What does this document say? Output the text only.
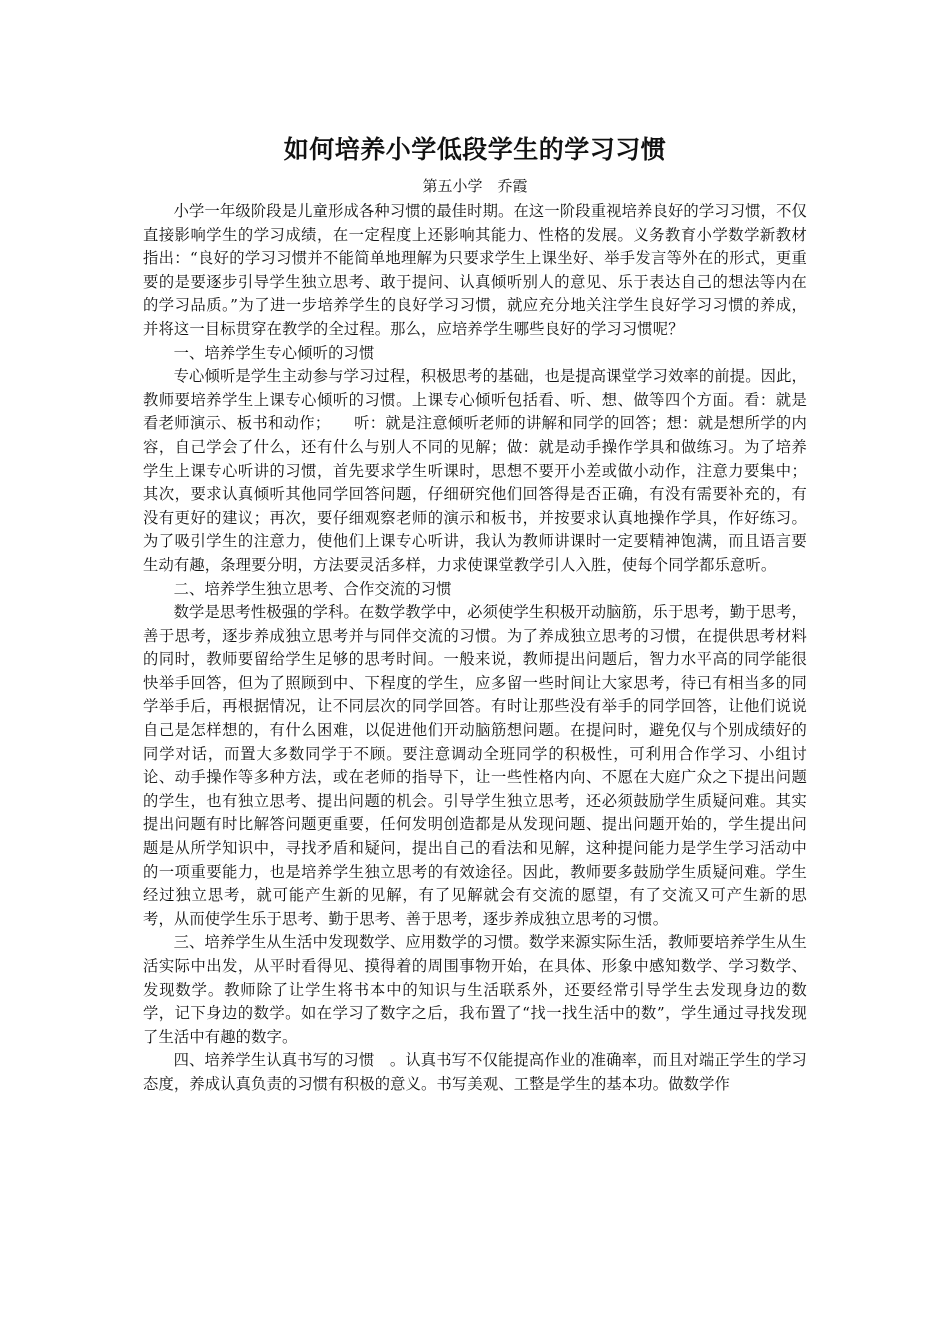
如何培养小学低段学生的学习习惯

第五小学　乔霞

小学一年级阶段是儿童形成各种习惯的最佳时期。在这一阶段重视培养良好的学习习惯，不仅直接影响学生的学习成绩，在一定程度上还影响其能力、性格的发展。义务教育小学数学新教材指出：“良好的学习习惯并不能简单地理解为只要求学生上课坐好、举手发言等外在的形式，更重要的是要逐步引导学生独立思考、敢于提问、认真倾听别人的意见、乐于表达自己的想法等内在的学习品质。”为了进一步培养学生的良好学习习惯，就应充分地关注学生良好学习习惯的养成，并将这一目标贯穿在教学的全过程。那么，应培养学生哪些良好的学习习惯呢？

一、培养学生专心倾听的习惯

专心倾听是学生主动参与学习过程，积极思考的基础，也是提高课堂学习效率的前提。因此，教师要培养学生上课专心倾听的习惯。上课专心倾听包括看、听、想、做等四个方面。看：就是看老师演示、板书和动作；　　听：就是注意倾听老师的讲解和同学的回答；想：就是想所学的内容，自己学会了什么，还有什么与别人不同的见解；做：就是动手操作学具和做练习。为了培养学生上课专心听讲的习惯，首先要求学生听课时，思想不要开小差或做小动作，注意力要集中；其次，要求认真倾听其他同学回答问题，仔细研究他们回答得是否正确，有没有需要补充的，有没有更好的建议；再次，要仔细观察老师的演示和板书，并按要求认真地操作学具，作好练习。为了吸引学生的注意力，使他们上课专心听讲，我认为教师讲课时一定要精神饱满，而且语言要生动有趣，条理要分明，方法要灵活多样，力求使课堂教学引人入胜，使每个同学都乐意听。

二、培养学生独立思考、合作交流的习惯

数学是思考性极强的学科。在数学教学中，必须使学生积极开动脑筋，乐于思考，勤于思考，善于思考，逐步养成独立思考并与同伴交流的习惯。为了养成独立思考的习惯，在提供思考材料的同时，教师要留给学生足够的思考时间。一般来说，教师提出问题后，智力水平高的同学能很快举手回答，但为了照顾到中、下程度的学生，应多留一些时间让大家思考，待已有相当多的同学举手后，再根据情况，让不同层次的同学回答。有时让那些没有举手的同学回答，让他们说说自己是怎样想的，有什么困难，以促进他们开动脑筋想问题。在提问时，避免仅与个别成绩好的同学对话，而置大多数同学于不顾。要注意调动全班同学的积极性，可利用合作学习、小组讨论、动手操作等多种方法，或在老师的指导下，让一些性格内向、不愿在大庭广众之下提出问题的学生，也有独立思考、提出问题的机会。引导学生独立思考，还必须鼓励学生质疑问难。其实提出问题有时比解答问题更重要，任何发明创造都是从发现问题、提出问题开始的，学生提出问题是从所学知识中，寻找矛盾和疑问，提出自己的看法和见解，这种提问能力是学生学习活动中的一项重要能力，也是培养学生独立思考的有效途径。因此，教师要多鼓励学生质疑问难。学生经过独立思考，就可能产生新的见解，有了见解就会有交流的愿望，有了交流又可产生新的思考，从而使学生乐于思考、勤于思考、善于思考，逐步养成独立思考的习惯。

三、培养学生从生活中发现数学、应用数学的习惯。数学来源实际生活，教师要培养学生从生活实际中出发，从平时看得见、摸得着的周围事物开始，在具体、形象中感知数学、学习数学、发现数学。教师除了让学生将书本中的知识与生活联系外，还要经常引导学生去发现身边的数学，记下身边的数学。如在学习了数字之后，我布置了“找一找生活中的数”，学生通过寻找发现了生活中有趣的数字。

四、培养学生认真书写的习惯　。认真书写不仅能提高作业的准确率，而且对端正学生的学习态度，养成认真负责的习惯有积极的意义。书写美观、工整是学生的基本功。做数学作
